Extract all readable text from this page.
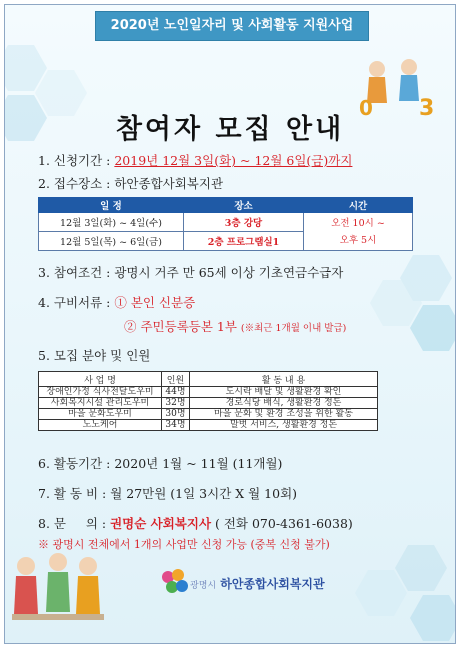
2020년 노인일자리 및 사회활동 지원사업
3
0
참여자 모집 안내
1. 신청기간 : 2019년 12월 3일(화) ~ 12월 6일(금)까지
2. 접수장소 : 하안종합사회복지관
일 정	장소	시간
12월 3일(화) ~ 4일(수)	3층 강당	오전 10시 ~
오후 5시

12월 5일(목) ~ 6일(금)	2층 프로그램실1	
3. 참여조건 : 광명시 거주 만 65세 이상 기초연금수급자
4. 구비서류 : ① 본인 신분증
② 주민등록등본 1부 (※최근 1개월 이내 발급)
5. 모집 분야 및 인원
사 업 명	인원	활 동 내 용
장애인가정 식사전달도우미	44명	도시락 배달 및 생활환경 확인
사회복지시설 관리도우미	32명	경로식당 배식, 생활환경 정돈
마을 문화도우미	30명	마을 문화 및 환경 조성을 위한 활동
노노케어	34명	말벗 서비스, 생활환경 정돈
6. 활동기간 : 2020년 1월 ~ 11월 (11개월)
7. 활 동 비 : 월 27만원 (1일 3시간 X 월 10회)
8. 문     의 : 권명순 사회복지사 ( 전화 070-4361-6038)
※ 광명시 전체에서 1개의 사업만 신청 가능 (중복 신청 불가)
광명시 하안종합사회복지관
